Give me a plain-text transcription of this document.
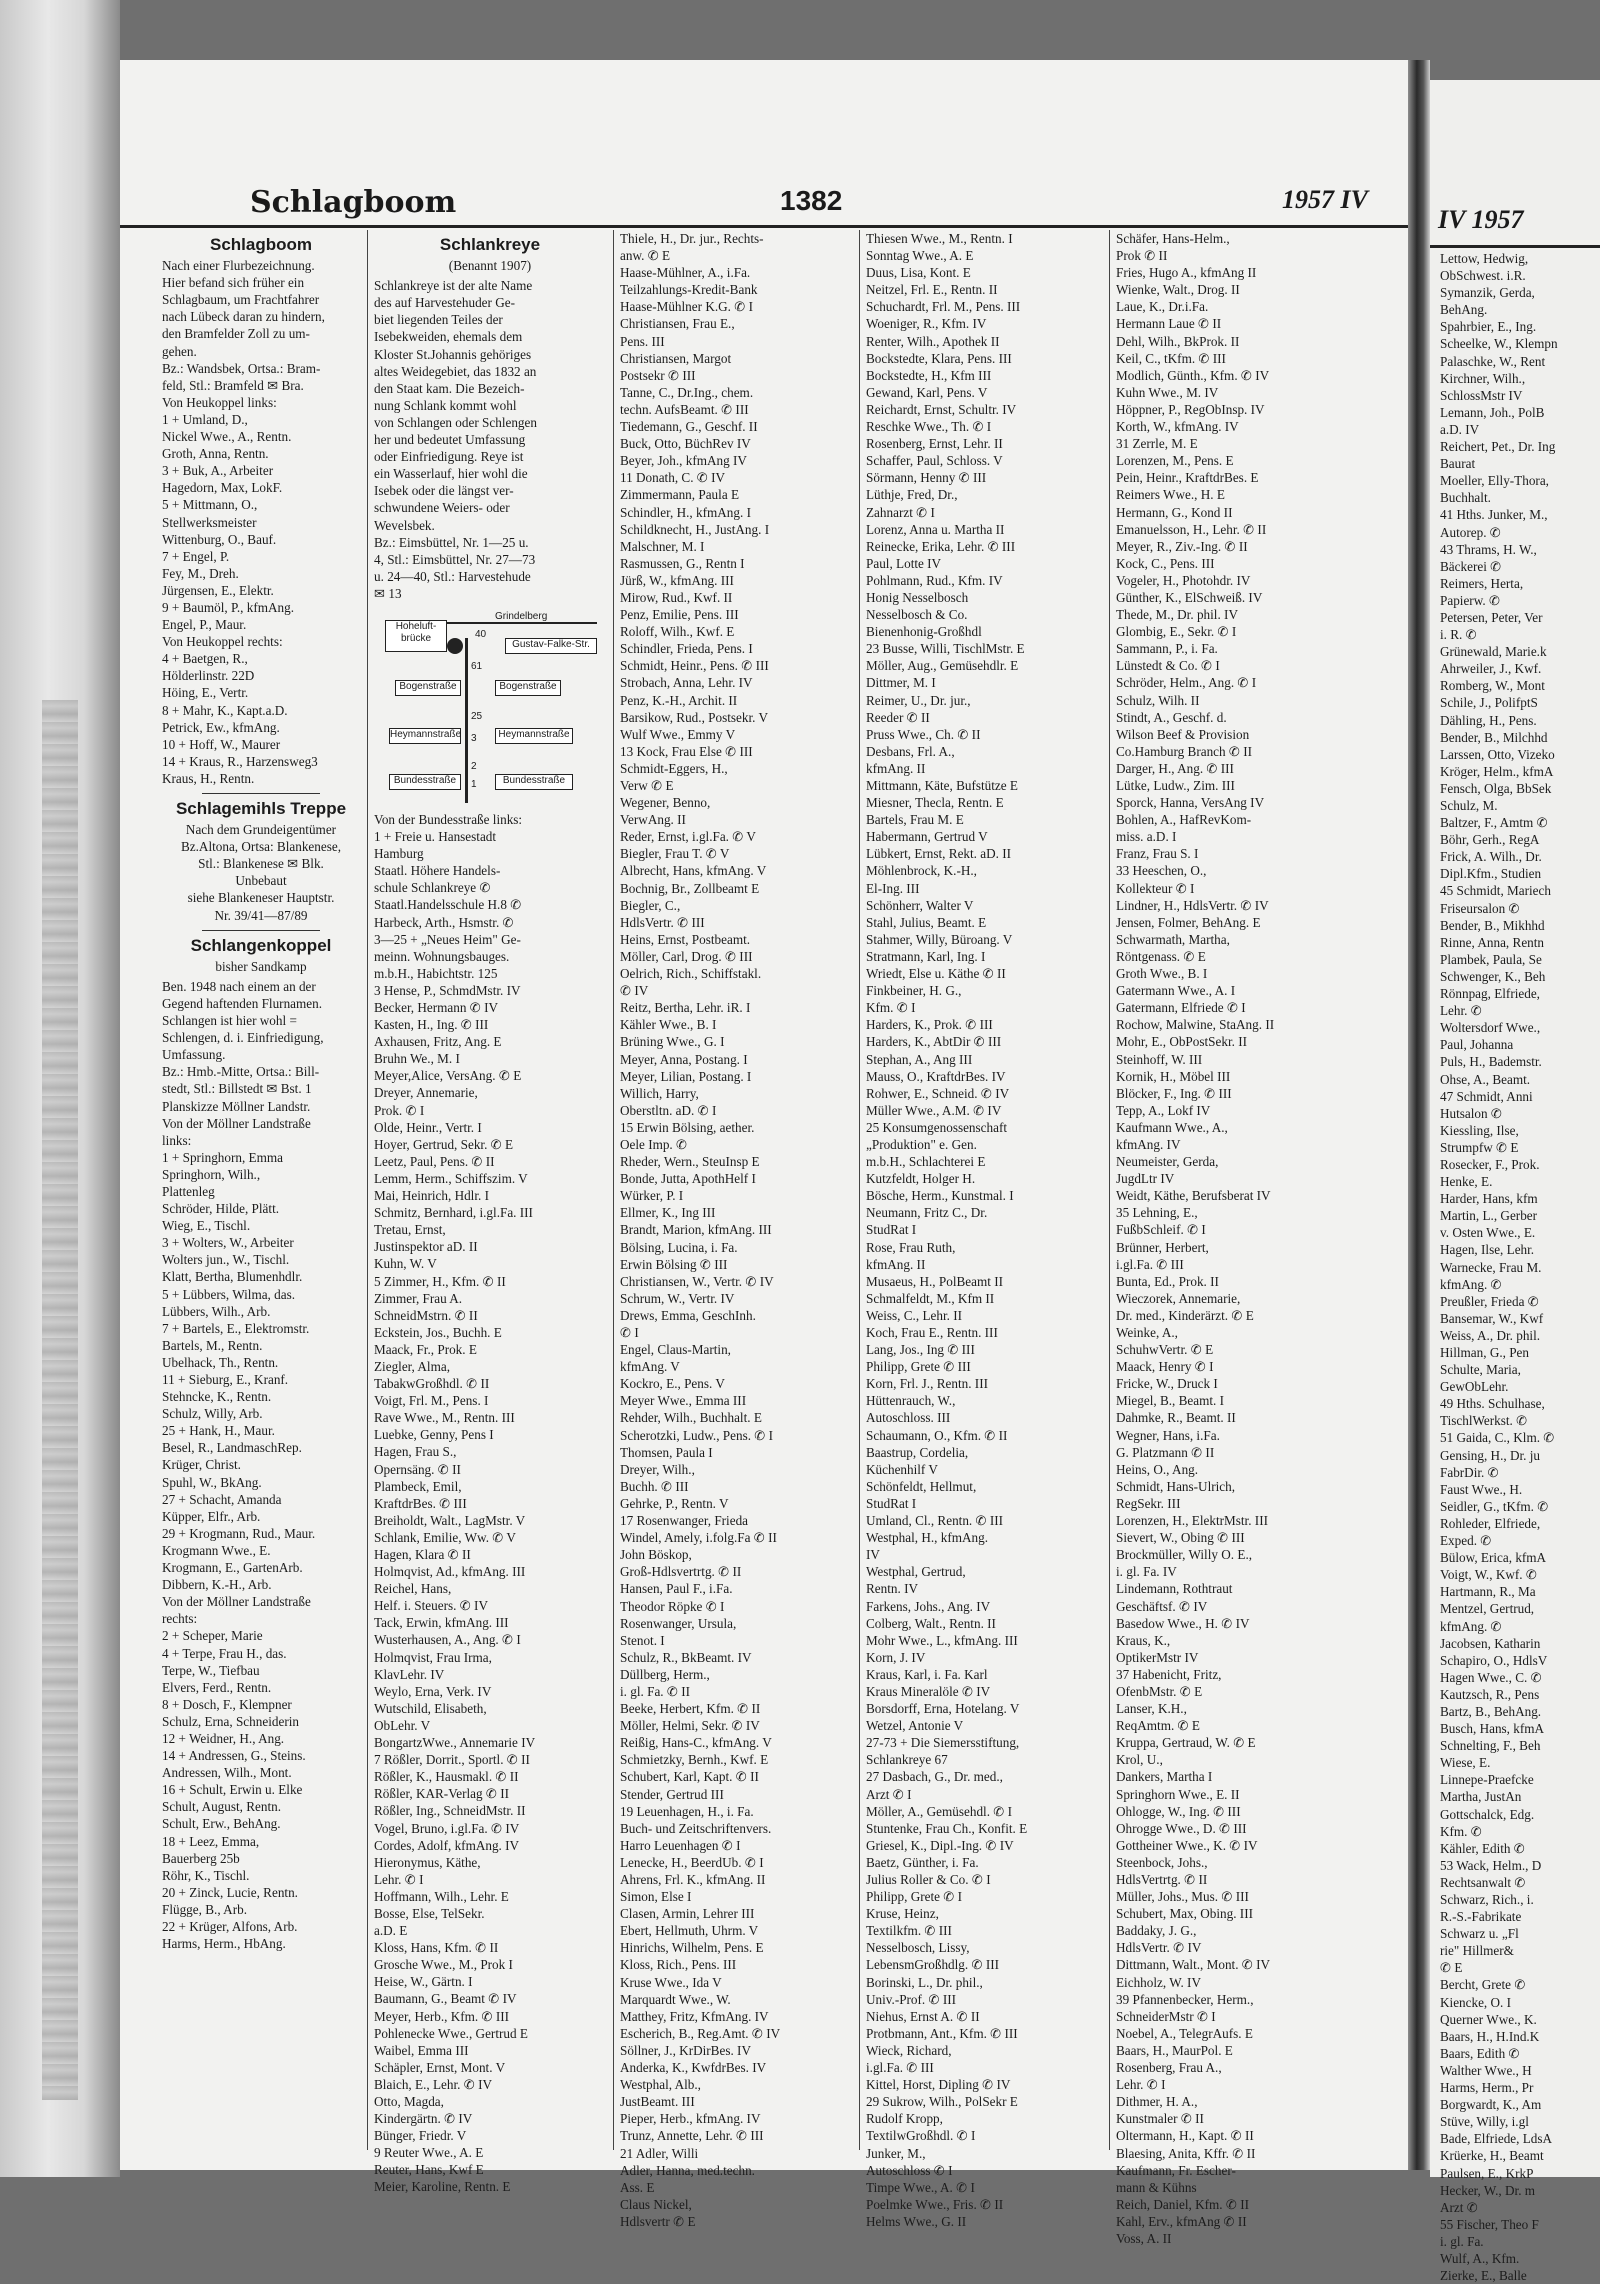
Schlagboom	1382	1957 IV
Schlagboom
Nach einer Flurbezeichnung.
Hier befand sich früher ein
Schlagbaum, um Frachtfahrer
nach Lübeck daran zu hindern,
den Bramfelder Zoll zu um-
gehen.
Bz.: Wandsbek, Ortsa.: Bram-
feld, Stl.: Bramfeld ✉ Bra.
Von Heukoppel links:
1 + Umland, D.,
Nickel Wwe., A., Rentn.
Groth, Anna, Rentn.
3 + Buk, A., Arbeiter
Hagedorn, Max, LokF.
5 + Mittmann, O.,
Stellwerksmeister
Wittenburg, O., Bauf.
7 + Engel, P.
Fey, M., Dreh.
Jürgensen, E., Elektr.
9 + Baumöl, P., kfmAng.
Engel, P., Maur.
Von Heukoppel rechts:
4 + Baetgen, R.,
Hölderlinstr. 22D
Höing, E., Vertr.
8 + Mahr, K., Kapt.a.D.
Petrick, Ew., kfmAng.
10 + Hoff, W., Maurer
14 + Kraus, R., Harzensweg3
Kraus, H., Rentn.
Schlagemihls Treppe
Nach dem Grundeigentümer
Bz.Altona, Ortsa: Blankenese,
Stl.: Blankenese ✉ Blk.
Unbebaut
siehe Blankeneser Hauptstr.
Nr. 39/41—87/89
Schlangenkoppel
bisher Sandkamp
Ben. 1948 nach einem an der
Gegend haftenden Flurnamen.
Schlangen ist hier wohl =
Schlengen, d. i. Einfriedigung,
Umfassung.
Bz.: Hmb.-Mitte, Ortsa.: Bill-
stedt, Stl.: Billstedt ✉ Bst. 1
Planskizze Möllner Landstr.
Von der Möllner Landstraße
links:
1 + Springhorn, Emma
Springhorn, Wilh.,
Plattenleg
Schröder, Hilde, Plätt.
Wieg, E., Tischl.
3 + Wolters, W., Arbeiter
Wolters jun., W., Tischl.
Klatt, Bertha, Blumenhdlr.
5 + Lübbers, Wilma, das.
Lübbers, Wilh., Arb.
7 + Bartels, E., Elektromstr.
Bartels, M., Rentn.
Ubelhack, Th., Rentn.
11 + Sieburg, E., Kranf.
Stehncke, K., Rentn.
Schulz, Willy, Arb.
25 + Hank, H., Maur.
Besel, R., LandmaschRep.
Krüger, Christ.
Spuhl, W., BkAng.
27 + Schacht, Amanda
Küpper, Elfr., Arb.
29 + Krogmann, Rud., Maur.
Krogmann Wwe., E.
Krogmann, E., GartenArb.
Dibbern, K.-H., Arb.
Von der Möllner Landstraße
rechts:
2 + Scheper, Marie
4 + Terpe, Frau H., das.
Terpe, W., Tiefbau
Elvers, Ferd., Rentn.
8 + Dosch, F., Klempner
Schulz, Erna, Schneiderin
12 + Weidner, H., Ang.
14 + Andressen, G., Steins.
Andressen, Wilh., Mont.
16 + Schult, Erwin u. Elke
Schult, August, Rentn.
Schult, Erw., BehAng.
18 + Leez, Emma,
Bauerberg 25b
Röhr, K., Tischl.
20 + Zinck, Lucie, Rentn.
Flügge, B., Arb.
22 + Krüger, Alfons, Arb.
Harms, Herm., HbAng.
Schlankreye
(Benannt 1907)
Schlankreye ist der alte Name
des auf Harvestehuder Ge-
biet liegenden Teiles der
Isebekweiden, ehemals dem
Kloster St.Johannis gehöriges
altes Weidegebiet, das 1832 an
den Staat kam. Die Bezeich-
nung Schlank kommt wohl
von Schlangen oder Schlengen
her und bedeutet Umfassung
oder Einfriedigung. Reye ist
ein Wasserlauf, hier wohl die
Isebek oder die längst ver-
schwundene Weiers- oder
Wevelsbek.
Bz.: Eimsbüttel, Nr. 1—25 u.
4, Stl.: Eimsbüttel, Nr. 27—73
u. 24—40, Stl.: Harvestehude
✉ 13
Grindelberg
Hoheluft-
brücke	40
Gustav-Falke-Str.
61
Bogenstraße	Bogenstraße
25
Heymannstraße 3	Heymannstraße
2
Bundesstraße	1	Bundesstraße
Von der Bundesstraße links:
1 + Freie u. Hansestadt
Hamburg
Staatl. Höhere Handels-
schule Schlankreye ✆
Staatl.Handelsschule H.8 ✆
Harbeck, Arth., Hsmstr. ✆
3—25 + „Neues Heim" Ge-
meinn. Wohnungsbauges.
m.b.H., Habichtstr. 125
3 Hense, P., SchmdMstr. IV
Becker, Hermann ✆ IV
Kasten, H., Ing. ✆ III
Axhausen, Fritz, Ang. E
Bruhn We., M. I
Meyer,Alice, VersAng. ✆ E
Dreyer, Annemarie,
Prok. ✆ I
Olde, Heinr., Vertr. I
Hoyer, Gertrud, Sekr. ✆ E
Leetz, Paul, Pens. ✆ II
Lemm, Herm., Schiffszim. V
Mai, Heinrich, Hdlr. I
Schmitz, Bernhard, i.gl.Fa. III
Tretau, Ernst,
Justinspektor aD. II
Kuhn, W. V
5 Zimmer, H., Kfm. ✆ II
Zimmer, Frau A.
SchneidMstrn. ✆ II
Eckstein, Jos., Buchh. E
Maack, Fr., Prok. E
Ziegler, Alma,
TabakwGroßhdl. ✆ II
Voigt, Frl. M., Pens. I
Rave Wwe., M., Rentn. III
Luebke, Genny, Pens I
Hagen, Frau S.,
Opernsäng. ✆ II
Plambeck, Emil,
KraftdrBes. ✆ III
Breiholdt, Walt., LagMstr. V
Schlank, Emilie, Ww. ✆ V
Hagen, Klara ✆ II
Holmqvist, Ad., kfmAng. III
Reichel, Hans,
Helf. i. Steuers. ✆ IV
Tack, Erwin, kfmAng. III
Wusterhausen, A., Ang. ✆ I
Holmqvist, Frau Irma,
KlavLehr. IV
Weylo, Erna, Verk. IV
Wutschild, Elisabeth,
ObLehr. V
BongartzWwe., Annemarie IV
7 Rößler, Dorrit., Sportl. ✆ II
Rößler, K., Hausmakl. ✆ II
Rößler, KAR-Verlag ✆ II
Rößler, Ing., SchneidMstr. II
Vogel, Bruno, i.gl.Fa. ✆ IV
Cordes, Adolf, kfmAng. IV
Hieronymus, Käthe,
Lehr. ✆ I
Hoffmann, Wilh., Lehr. E
Bosse, Else, TelSekr.
a.D. E
Kloss, Hans, Kfm. ✆ II
Grosche Wwe., M., Prok I
Heise, W., Gärtn. I
Baumann, G., Beamt ✆ IV
Meyer, Herb., Kfm. ✆ III
Pohlenecke Wwe., Gertrud E
Waibel, Emma III
Schäpler, Ernst, Mont. V
Blaich, E., Lehr. ✆ IV
Otto, Magda,
Kindergärtn. ✆ IV
Bünger, Friedr. V
9 Reuter Wwe., A. E
Reuter, Hans, Kwf E
Meier, Karoline, Rentn. E
Thiele, H., Dr. jur., Rechts-
anw. ✆ E
Haase-Mühlner, A., i.Fa.
Teilzahlungs-Kredit-Bank
Haase-Mühlner K.G. ✆ I
Christiansen, Frau E.,
Pens. III
Christiansen, Margot
Postsekr ✆ III
Tanne, C., Dr.Ing., chem.
techn. AufsBeamt. ✆ III
Tiedemann, G., Geschf. II
Buck, Otto, BüchRev IV
Beyer, Joh., kfmAng IV
11 Donath, C. ✆ IV
Zimmermann, Paula E
Schindler, H., kfmAng. I
Schildknecht, H., JustAng. I
Malschner, M. I
Rasmussen, G., Rentn I
Jürß, W., kfmAng. III
Mirow, Rud., Kwf. II
Penz, Emilie, Pens. III
Roloff, Wilh., Kwf. E
Schindler, Frieda, Pens. I
Schmidt, Heinr., Pens. ✆ III
Strobach, Anna, Lehr. IV
Penz, K.-H., Archit. II
Barsikow, Rud., Postsekr. V
Wulf Wwe., Emmy V
13 Kock, Frau Else ✆ III
Schmidt-Eggers, H.,
Verw ✆ E
Wegener, Benno,
VerwAng. II
Reder, Ernst, i.gl.Fa. ✆ V
Biegler, Frau T. ✆ V
Albrecht, Hans, kfmAng. V
Bochnig, Br., Zollbeamt E
Biegler, C.,
HdlsVertr. ✆ III
Heins, Ernst, Postbeamt.
Möller, Carl, Drog. ✆ III
Oelrich, Rich., Schiffstakl.
✆ IV
Reitz, Bertha, Lehr. iR. I
Kähler Wwe., B. I
Brüning Wwe., G. I
Meyer, Anna, Postang. I
Meyer, Lilian, Postang. I
Willich, Harry,
Oberstltn. aD. ✆ I
15 Erwin Bölsing, aether.
Oele Imp. ✆
Rheder, Wern., SteuInsp E
Bonde, Jutta, ApothHelf I
Würker, P. I
Ellmer, K., Ing III
Brandt, Marion, kfmAng. III
Bölsing, Lucina, i. Fa.
Erwin Bölsing ✆ III
Christiansen, W., Vertr. ✆ IV
Schrum, W., Vertr. IV
Drews, Emma, GeschInh.
✆ I
Engel, Claus-Martin,
kfmAng. V
Kockro, E., Pens. V
Meyer Wwe., Emma III
Rehder, Wilh., Buchhalt. E
Scherotzki, Ludw., Pens. ✆ I
Thomsen, Paula I
Dreyer, Wilh.,
Buchh. ✆ III
Gehrke, P., Rentn. V
17 Rosenwanger, Frieda
Windel, Amely, i.folg.Fa ✆ II
John Böskop,
Groß-Hdlsvertrtg. ✆ II
Hansen, Paul F., i.Fa.
Theodor Röpke ✆ I
Rosenwanger, Ursula,
Stenot. I
Schulz, R., BkBeamt. IV
Düllberg, Herm.,
i. gl. Fa. ✆ II
Beeke, Herbert, Kfm. ✆ II
Möller, Helmi, Sekr. ✆ IV
Reißig, Hans-C., kfmAng. V
Schmietzky, Bernh., Kwf. E
Schubert, Karl, Kapt. ✆ II
Stender, Gertrud III
19 Leuenhagen, H., i. Fa.
Buch- und Zeitschriftenvers.
Harro Leuenhagen ✆ I
Lenecke, H., BeerdUb. ✆ I
Ahrens, Frl. K., kfmAng. II
Simon, Else I
Clasen, Armin, Lehrer III
Ebert, Hellmuth, Uhrm. V
Hinrichs, Wilhelm, Pens. E
Kloss, Rich., Pens. III
Kruse Wwe., Ida V
Marquardt Wwe., W.
Matthey, Fritz, KfmAng. IV
Escherich, B., Reg.Amt. ✆ IV
Söllner, J., KrDirBes. IV
Anderka, K., KwfdrBes. IV
Westphal, Alb.,
JustBeamt. III
Pieper, Herb., kfmAng. IV
Trunz, Annette, Lehr. ✆ III
21 Adler, Willi
Adler, Hanna, med.techn.
Ass. E
Claus Nickel,
Hdlsvertr ✆ E
Thiesen Wwe., M., Rentn. I
Sonntag Wwe., A. E
Duus, Lisa, Kont. E
Neitzel, Frl. E., Rentn. II
Schuchardt, Frl. M., Pens. III
Woeniger, R., Kfm. IV
Renter, Wilh., Apothek II
Bockstedte, Klara, Pens. III
Bockstedte, H., Kfm III
Gewand, Karl, Pens. V
Reichardt, Ernst, Schultr. IV
Reschke Wwe., Th. ✆ I
Rosenberg, Ernst, Lehr. II
Schaffer, Paul, Schloss. V
Sörmann, Henny ✆ III
Lüthje, Fred, Dr.,
Zahnarzt ✆ I
Lorenz, Anna u. Martha II
Reinecke, Erika, Lehr. ✆ III
Paul, Lotte IV
Pohlmann, Rud., Kfm. IV
Honig Nesselbosch
Nesselbosch & Co.
Bienenhonig-Großhdl
23 Busse, Willi, TischlMstr. E
Möller, Aug., Gemüsehdlr. E
Dittmer, M. I
Reimer, U., Dr. jur.,
Reeder ✆ II
Pruss Wwe., Ch. ✆ II
Desbans, Frl. A.,
kfmAng. II
Mittmann, Käte, Bufstütze E
Miesner, Thecla, Rentn. E
Bartels, Frau M. E
Habermann, Gertrud V
Lübkert, Ernst, Rekt. aD. II
Möhlenbrock, K.-H.,
El-Ing. III
Schönherr, Walter V
Stahl, Julius, Beamt. E
Stahmer, Willy, Büroang. V
Stratmann, Karl, Ing. I
Wriedt, Else u. Käthe ✆ II
Finkbeiner, H. G.,
Kfm. ✆ I
Harders, K., Prok. ✆ III
Harders, K., AbtDir ✆ III
Stephan, A., Ang III
Mauss, O., KraftdrBes. IV
Rohwer, E., Schneid. ✆ IV
Müller Wwe., A.M. ✆ IV
25 Konsumgenossenschaft
„Produktion" e. Gen.
m.b.H., Schlachterei E
Kutzfeldt, Holger H.
Bösche, Herm., Kunstmal. I
Neumann, Fritz C., Dr.
StudRat I
Rose, Frau Ruth,
kfmAng. II
Musaeus, H., PolBeamt II
Schmalfeldt, M., Kfm II
Weiss, C., Lehr. II
Koch, Frau E., Rentn. III
Lang, Jos., Ing ✆ III
Philipp, Grete ✆ III
Korn, Frl. J., Rentn. III
Hüttenrauch, W.,
Autoschloss. III
Schaumann, O., Kfm. ✆ II
Baastrup, Cordelia,
Küchenhilf V
Schönfeldt, Hellmut,
StudRat I
Umland, Cl., Rentn. ✆ III
Westphal, H., kfmAng.
IV
Westphal, Gertrud,
Rentn. IV
Farkens, Johs., Ang. IV
Colberg, Walt., Rentn. II
Mohr Wwe., L., kfmAng. III
Korn, J. IV
Kraus, Karl, i. Fa. Karl
Kraus Mineralöle ✆ IV
Borsdorff, Erna, Hotelang. V
Wetzel, Antonie V
27-73 + Die Siemersstiftung,
Schlankreye 67
27 Dasbach, G., Dr. med.,
Arzt ✆ I
Möller, A., Gemüsehdl. ✆ I
Stuntenke, Frau Ch., Konfit. E
Griesel, K., Dipl.-Ing. ✆ IV
Baetz, Günther, i. Fa.
Julius Roller & Co. ✆ I
Philipp, Grete ✆ I
Kruse, Heinz,
Textilkfm. ✆ III
Nesselbosch, Lissy,
LebensmGroßhdlg. ✆ III
Borinski, L., Dr. phil.,
Univ.-Prof. ✆ III
Niehus, Ernst A. ✆ II
Protbmann, Ant., Kfm. ✆ III
Wieck, Richard,
i.gl.Fa. ✆ III
Kittel, Horst, Dipling ✆ IV
29 Sukrow, Wilh., PolSekr E
Rudolf Kropp,
TextilwGroßhdl. ✆ I
Junker, M.,
Autoschloss ✆ I
Timpe Wwe., A. ✆ I
Poelmke Wwe., Fris. ✆ II
Helms Wwe., G. II
Schäfer, Hans-Helm.,
Prok ✆ II
Fries, Hugo A., kfmAng II
Wienke, Walt., Drog. II
Laue, K., Dr.i.Fa.
Hermann Laue ✆ II
Dehl, Wilh., BkProk. II
Keil, C., tKfm. ✆ III
Modlich, Günth., Kfm. ✆ IV
Kuhn Wwe., M. IV
Höppner, P., RegObInsp. IV
Korth, W., kfmAng. IV
31 Zerrle, M. E
Lorenzen, M., Pens. E
Pein, Heinr., KraftdrBes. E
Reimers Wwe., H. E
Hermann, G., Kond II
Emanuelsson, H., Lehr. ✆ II
Meyer, R., Ziv.-Ing. ✆ II
Kock, C., Pens. III
Vogeler, H., Photohdr. IV
Günther, K., ElSchweiß. IV
Thede, M., Dr. phil. IV
Glombig, E., Sekr. ✆ I
Sammann, P., i. Fa.
Lünstedt & Co. ✆ I
Schröder, Helm., Ang. ✆ I
Schulz, Wilh. II
Stindt, A., Geschf. d.
Wilson Beef & Provision
Co.Hamburg Branch ✆ II
Darger, H., Ang. ✆ III
Lütke, Ludw., Zim. III
Sporck, Hanna, VersAng IV
Bohlen, A., HafRevKom-
miss. a.D. I
Franz, Frau S. I
33 Heeschen, O.,
Kollekteur ✆ I
Lindner, H., HdlsVertr. ✆ IV
Jensen, Folmer, BehAng. E
Schwarmath, Martha,
Röntgenass. ✆ E
Groth Wwe., B. I
Gatermann Wwe., A. I
Gatermann, Elfriede ✆ I
Rochow, Malwine, StaAng. II
Mohr, E., ObPostSekr. II
Steinhoff, W. III
Kornik, H., Möbel III
Blöcker, F., Ing. ✆ III
Tepp, A., Lokf IV
Kaufmann Wwe., A.,
kfmAng. IV
Neumeister, Gerda,
JugdLtr IV
Weidt, Käthe, Berufsberat IV
35 Lehning, E.,
FußbSchleif. ✆ I
Brünner, Herbert,
i.gl.Fa. ✆ III
Bunta, Ed., Prok. II
Wieczorek, Annemarie,
Dr. med., Kinderärzt. ✆ E
Weinke, A.,
SchuhwVertr. ✆ E
Maack, Henry ✆ I
Fricke, W., Druck I
Miegel, B., Beamt. I
Dahmke, R., Beamt. II
Wegner, Hans, i.Fa.
G. Platzmann ✆ II
Heins, O., Ang.
Schmidt, Hans-Ulrich,
RegSekr. III
Lorenzen, H., ElektrMstr. III
Sievert, W., Obing ✆ III
Brockmüller, Willy O. E.,
i. gl. Fa. IV
Lindemann, Rothtraut
Geschäftsf. ✆ IV
Basedow Wwe., H. ✆ IV
Kraus, K.,
OptikerMstr IV
37 Habenicht, Fritz,
OfenbMstr. ✆ E
Lanser, K.H.,
ReqAmtm. ✆ E
Kruppa, Gertraud, W. ✆ E
Krol, U.,
Dankers, Martha I
Springhorn Wwe., E. II
Ohlogge, W., Ing. ✆ III
Ohrogge Wwe., D. ✆ III
Gottheiner Wwe., K. ✆ IV
Steenbock, Johs.,
HdlsVertrtg. ✆ II
Müller, Johs., Mus. ✆ III
Schubert, Max, Obing. III
Baddaky, J. G.,
HdlsVertr. ✆ IV
Dittmann, Walt., Mont. ✆ IV
Eichholz, W. IV
39 Pfannenbecker, Herm.,
SchneiderMstr ✆ I
Noebel, A., TelegrAufs. E
Baars, H., MaurPol. E
Rosenberg, Frau A.,
Lehr. ✆ I
Dithmer, H. A.,
Kunstmaler ✆ II
Oltermann, H., Kapt. ✆ II
Blaesing, Anita, Kffr. ✆ II
Kaufmann, Fr. Escher-
mann & Kühns
Reich, Daniel, Kfm. ✆ II
Kahl, Erv., kfmAng ✆ II
Voss, A. II
IV 1957
Lettow, Hedwig,
ObSchwest. i.R.
Symanzik, Gerda,
BehAng.
Spahrbier, E., Ing.
Scheelke, W., Klempn
Palaschke, W., Rent
Kirchner, Wilh.,
SchlossMstr IV
Lemann, Joh., PolB
a.D. IV
Reichert, Pet., Dr. Ing
Baurat
Moeller, Elly-Thora,
Buchhalt.
41 Hths. Junker, M.,
Autorep. ✆
43 Thrams, H. W.,
Bäckerei ✆
Reimers, Herta,
Papierw. ✆
Petersen, Peter, Ver
i. R. ✆
Grünewald, Marie.k
Ahrweiler, J., Kwf.
Romberg, W., Mont
Schile, J., PolifptS
Dähling, H., Pens.
Bender, B., Milchhd
Larssen, Otto, Vizeko
Kröger, Helm., kfmA
Fensch, Olga, BbSek
Schulz, M.
Baltzer, F., Amtm ✆
Böhr, Gerh., RegA
Frick, A. Wilh., Dr.
Dipl.Kfm., Studien
45 Schmidt, Mariech
Friseursalon ✆
Bender, B., Mikhhd
Rinne, Anna, Rentn
Plambek, Paula, Se
Schwenger, K., Beh
Rönnpag, Elfriede,
Lehr. ✆
Woltersdorf Wwe.,
Paul, Johanna
Puls, H., Bademstr.
Ohse, A., Beamt.
47 Schmidt, Anni
Hutsalon ✆
Kiessling, Ilse,
Strumpfw ✆ E
Rosecker, F., Prok.
Henke, E.
Harder, Hans, kfm
Martin, L., Gerber
v. Osten Wwe., E.
Hagen, Ilse, Lehr.
Warnecke, Frau M.
kfmAng. ✆
Preußler, Frieda ✆
Bansemar, W., Kwf
Weiss, A., Dr. phil.
Hillman, G., Pen
Schulte, Maria,
GewObLehr.
49 Hths. Schulhase,
TischlWerkst. ✆
51 Gaida, C., Klm. ✆
Gensing, H., Dr. ju
FabrDir. ✆
Faust Wwe., H.
Seidler, G., tKfm. ✆
Rohleder, Elfriede,
Exped. ✆
Bülow, Erica, kfmA
Voigt, W., Kwf. ✆
Hartmann, R., Ma
Mentzel, Gertrud,
kfmAng. ✆
Jacobsen, Katharin
Schapiro, O., HdlsV
Hagen Wwe., C. ✆
Kautzsch, R., Pens
Bartz, B., BehAng.
Busch, Hans, kfmA
Schnelting, F., Beh
Wiese, E.
Linnepe-Praefcke
Martha, JustAn
Gottschalck, Edg.
Kfm. ✆
Kähler, Edith ✆
53 Wack, Helm., D
Rechtsanwalt ✆
Schwarz, Rich., i.
R.-S.-Fabrikate
Schwarz u. „Fl
rie" Hillmer&
✆ E
Bercht, Grete ✆
Kiencke, O. I
Querner Wwe., K.
Baars, H., H.Ind.K
Baars, Edith ✆
Walther Wwe., H
Harms, Herm., Pr
Borgwardt, K., Am
Stüve, Willy, i.gl
Bade, Elfriede, LdsA
Krüerke, H., Beamt
Paulsen, E., KrkP
Hecker, W., Dr. m
Arzt ✆
55 Fischer, Theo F
i. gl. Fa.
Wulf, A., Kfm.
Zierke, E., Balle
